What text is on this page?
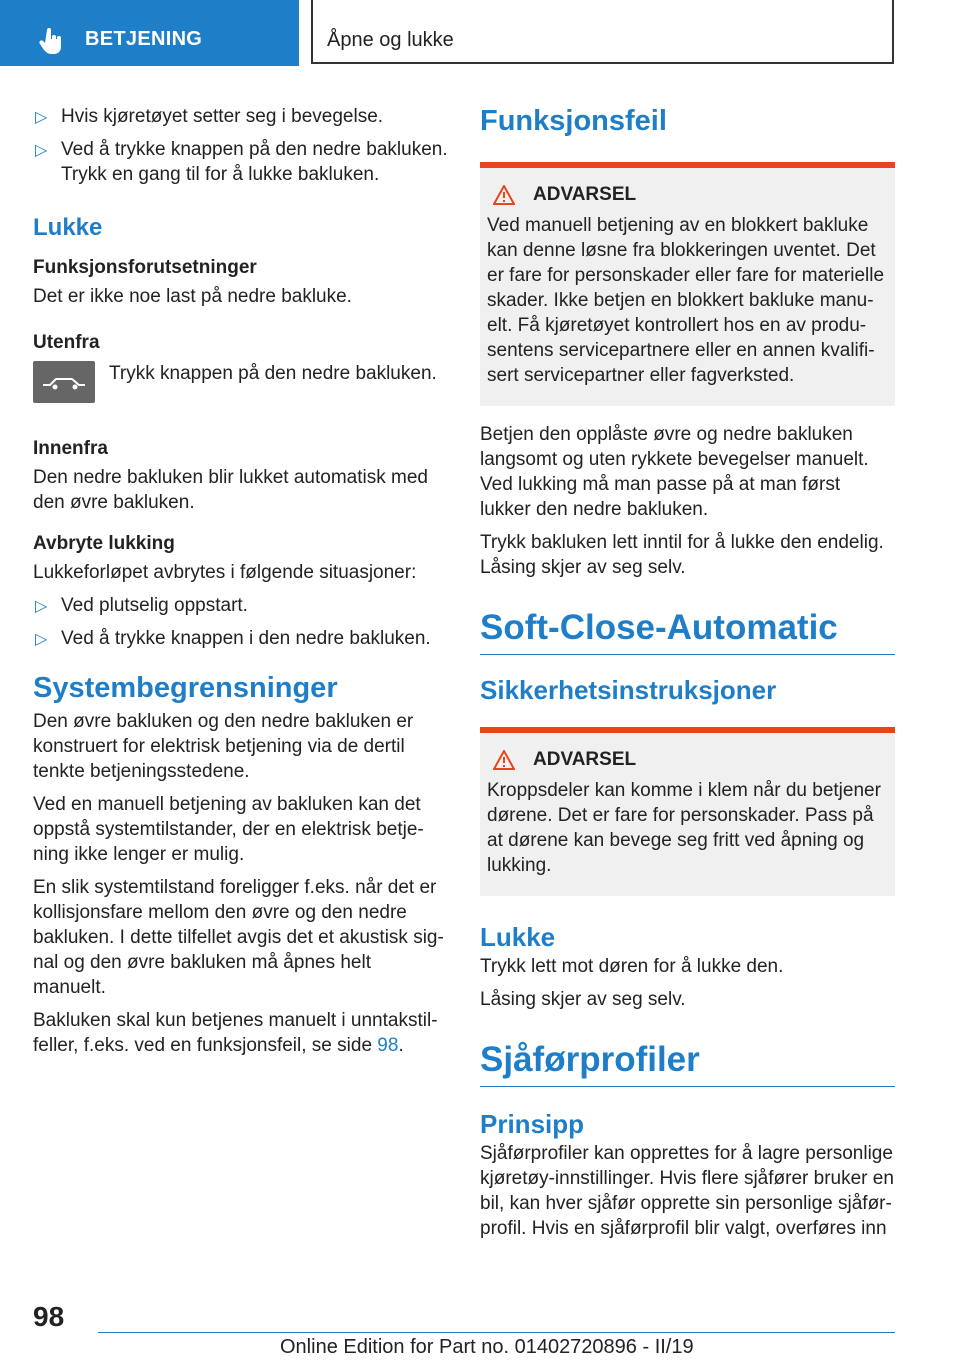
BETJENING	Åpne og lukke
▷ Hvis kjøretøyet setter seg i bevegelse.

▷ Ved å trykke knappen på den nedre bakluken. Trykk en gang til for å lukke bakluken.

Lukke

Funksjonsforutsetninger

Det er ikke noe last på nedre bakluke.

Utenfra

Trykk knappen på den nedre bakluken.

Innenfra

Den nedre bakluken blir lukket automatisk med den øvre bakluken.

Avbryte lukking

Lukkeforløpet avbrytes i følgende situasjoner:

▷ Ved plutselig oppstart.

▷ Ved å trykke knappen i den nedre bakluken.

Systembegrensninger

Den øvre bakluken og den nedre bakluken er konstruert for elektrisk betjening via de dertil tenkte betjeningsstedene.

Ved en manuell betjening av bakluken kan det oppstå systemtilstander, der en elektrisk betjening ikke lenger er mulig.

En slik systemtilstand foreligger f.eks. når det er kollisjonsfare mellom den øvre og den nedre bakluken. I dette tilfellet avgis det et akustisk signal og den øvre bakluken må åpnes helt manuelt.

Bakluken skal kun betjenes manuelt i unntakstilfeller, f.eks. ved en funksjonsfeil, se side 98.

Funksjonsfeil
ADVARSEL

Ved manuell betjening av en blokkert bakluke kan denne løsne fra blokkeringen uventet. Det er fare for personskader eller fare for materielle skader. Ikke betjen en blokkert bakluke manuelt. Få kjøretøyet kontrollert hos en av produsentens servicepartnere eller en annen kvalifisert servicepartner eller fagverksted.

Betjen den opplåste øvre og nedre bakluken langsomt og uten rykkete bevegelser manuelt. Ved lukking må man passe på at man først lukker den nedre bakluken.

Trykk bakluken lett inntil for å lukke den endelig. Låsing skjer av seg selv.

Soft-Close-Automatic
Sikkerhetsinstruksjoner
ADVARSEL

Kroppsdeler kan komme i klem når du betjener dørene. Det er fare for personskader. Pass på at dørene kan bevege seg fritt ved åpning og lukking.

Lukke

Trykk lett mot døren for å lukke den.

Låsing skjer av seg selv.

Sjåførprofiler
Prinsipp

Sjåførprofiler kan opprettes for å lagre personlige kjøretøy-innstillinger. Hvis flere sjåfører bruker en bil, kan hver sjåfør opprette sin personlige sjåførprofil. Hvis en sjåførprofil blir valgt, overføres inn

98
Online Edition for Part no. 01402720896 - II/19
